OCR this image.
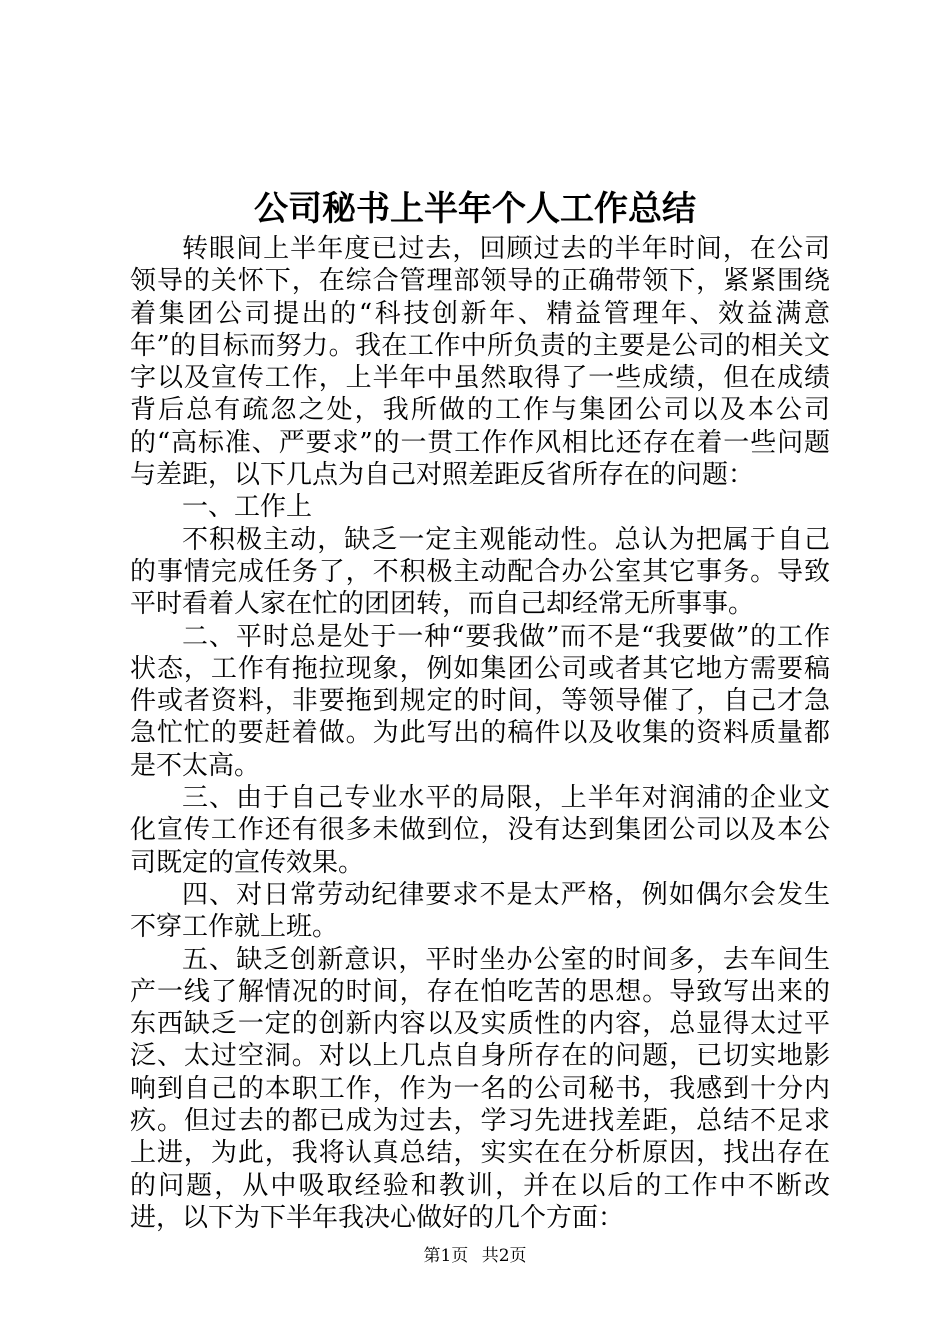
公司秘书上半年个人工作总结

转眼间上半年度已过去，回顾过去的半年时间，在公司领导的关怀下，在综合管理部领导的正确带领下，紧紧围绕着集团公司提出的“科技创新年、精益管理年、效益满意年”的目标而努力。我在工作中所负责的主要是公司的相关文字以及宣传工作，上半年中虽然取得了一些成绩，但在成绩背后总有疏忽之处，我所做的工作与集团公司以及本公司的“高标准、严要求”的一贯工作作风相比还存在着一些问题与差距，以下几点为自己对照差距反省所存在的问题：

一、工作上

不积极主动，缺乏一定主观能动性。总认为把属于自己的事情完成任务了，不积极主动配合办公室其它事务。导致平时看着人家在忙的团团转，而自己却经常无所事事。

二、平时总是处于一种“要我做”而不是“我要做”的工作状态，工作有拖拉现象，例如集团公司或者其它地方需要稿件或者资料，非要拖到规定的时间，等领导催了，自己才急急忙忙的要赶着做。为此写出的稿件以及收集的资料质量都是不太高。

三、由于自己专业水平的局限，上半年对润浦的企业文化宣传工作还有很多未做到位，没有达到集团公司以及本公司既定的宣传效果。

四、对日常劳动纪律要求不是太严格，例如偶尔会发生不穿工作就上班。

五、缺乏创新意识，平时坐办公室的时间多，去车间生产一线了解情况的时间，存在怕吃苦的思想。导致写出来的东西缺乏一定的创新内容以及实质性的内容，总显得太过平泛、太过空洞。对以上几点自身所存在的问题，已切实地影响到自己的本职工作，作为一名的公司秘书，我感到十分内疚。但过去的都已成为过去，学习先进找差距，总结不足求上进，为此，我将认真总结，实实在在分析原因，找出存在的问题，从中吸取经验和教训，并在以后的工作中不断改进，以下为下半年我决心做好的几个方面：

第1页 共2页
